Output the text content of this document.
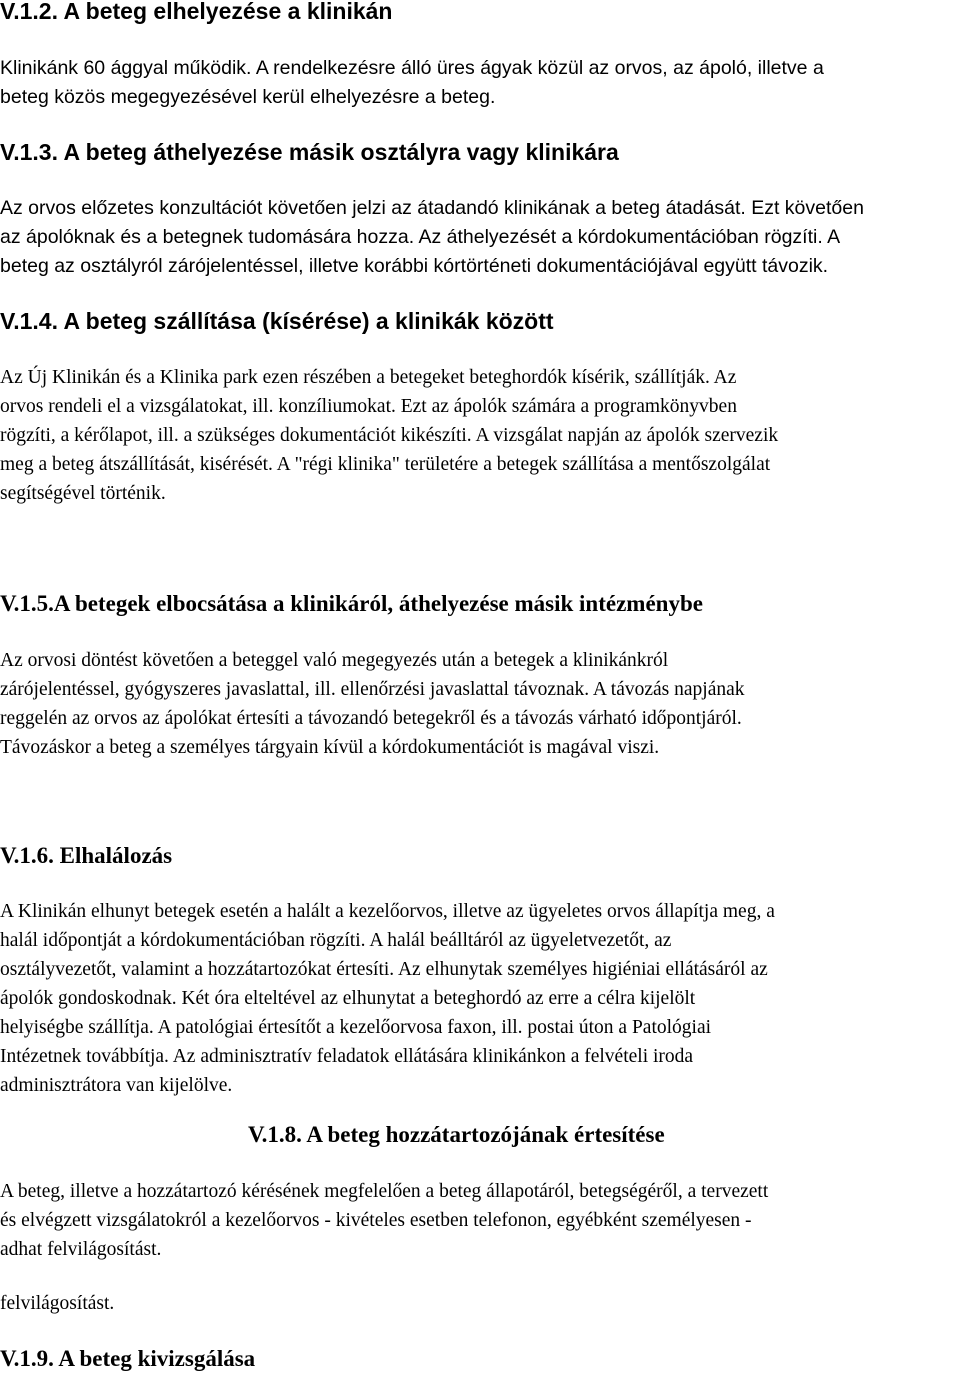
V.1.2. A beteg elhelyezése a klinikán

Klinikánk 60 ággyal működik. A rendelkezésre álló üres ágyak közül az orvos, az ápoló, illetve a
beteg közös megegyezésével kerül elhelyezésre a beteg.

V.1.3. A beteg áthelyezése másik osztályra vagy klinikára

Az orvos előzetes konzultációt követően jelzi az átadandó klinikának a beteg átadását. Ezt követően
az ápolóknak és a betegnek tudomására hozza. Az áthelyezését a kórdokumentációban rögzíti. A
beteg az osztályról zárójelentéssel, illetve korábbi kórtörténeti dokumentációjával együtt távozik.

V.1.4. A beteg szállítása (kísérése) a klinikák között

Az Új Klinikán és a Klinika park ezen részében a betegeket beteghordók kísérik, szállítják. Az
orvos rendeli el a vizsgálatokat, ill. konzíliumokat. Ezt az ápolók számára a programkönyvben
rögzíti, a kérőlapot, ill. a szükséges dokumentációt kikészíti. A vizsgálat napján az ápolók szervezik
meg a beteg átszállítását, kisérését. A "régi klinika" területére a betegek szállítása a mentőszolgálat
segítségével történik.

V.1.5.A betegek elbocsátása a klinikáról, áthelyezése másik intézménybe

Az orvosi döntést követően a beteggel való megegyezés után a betegek a klinikánkról
zárójelentéssel, gyógyszeres javaslattal, ill. ellenőrzési javaslattal távoznak. A távozás napjának
reggelén az orvos az ápolókat értesíti a távozandó betegekről és a távozás várható időpontjáról.
Távozáskor a beteg a személyes tárgyain kívül a kórdokumentációt is magával viszi.

V.1.6. Elhalálozás

A Klinikán elhunyt betegek esetén a halált a kezelőorvos, illetve az ügyeletes orvos állapítja meg, a
halál időpontját a kórdokumentációban rögzíti. A halál beálltáról az ügyeletvezetőt, az
osztályvezetőt, valamint a hozzátartozókat értesíti. Az elhunytak személyes higiéniai ellátásáról az
ápolók gondoskodnak. Két óra elteltével az elhunytat a beteghordó az erre a célra kijelölt
helyiségbe szállítja. A patológiai értesítőt a kezelőorvosa faxon, ill. postai úton a Patológiai
Intézetnek továbbítja. Az adminisztratív feladatok ellátására klinikánkon a felvételi iroda
adminisztrátora van kijelölve.

V.1.8. A beteg hozzátartozójának értesítése

A beteg, illetve a hozzátartozó kérésének megfelelően a beteg állapotáról, betegségéről, a tervezett
és elvégzett vizsgálatokról a kezelőorvos - kivételes esetben telefonon, egyébként személyesen -
adhat felvilágosítást.

felvilágosítást.

V.1.9. A beteg kivizsgálása
